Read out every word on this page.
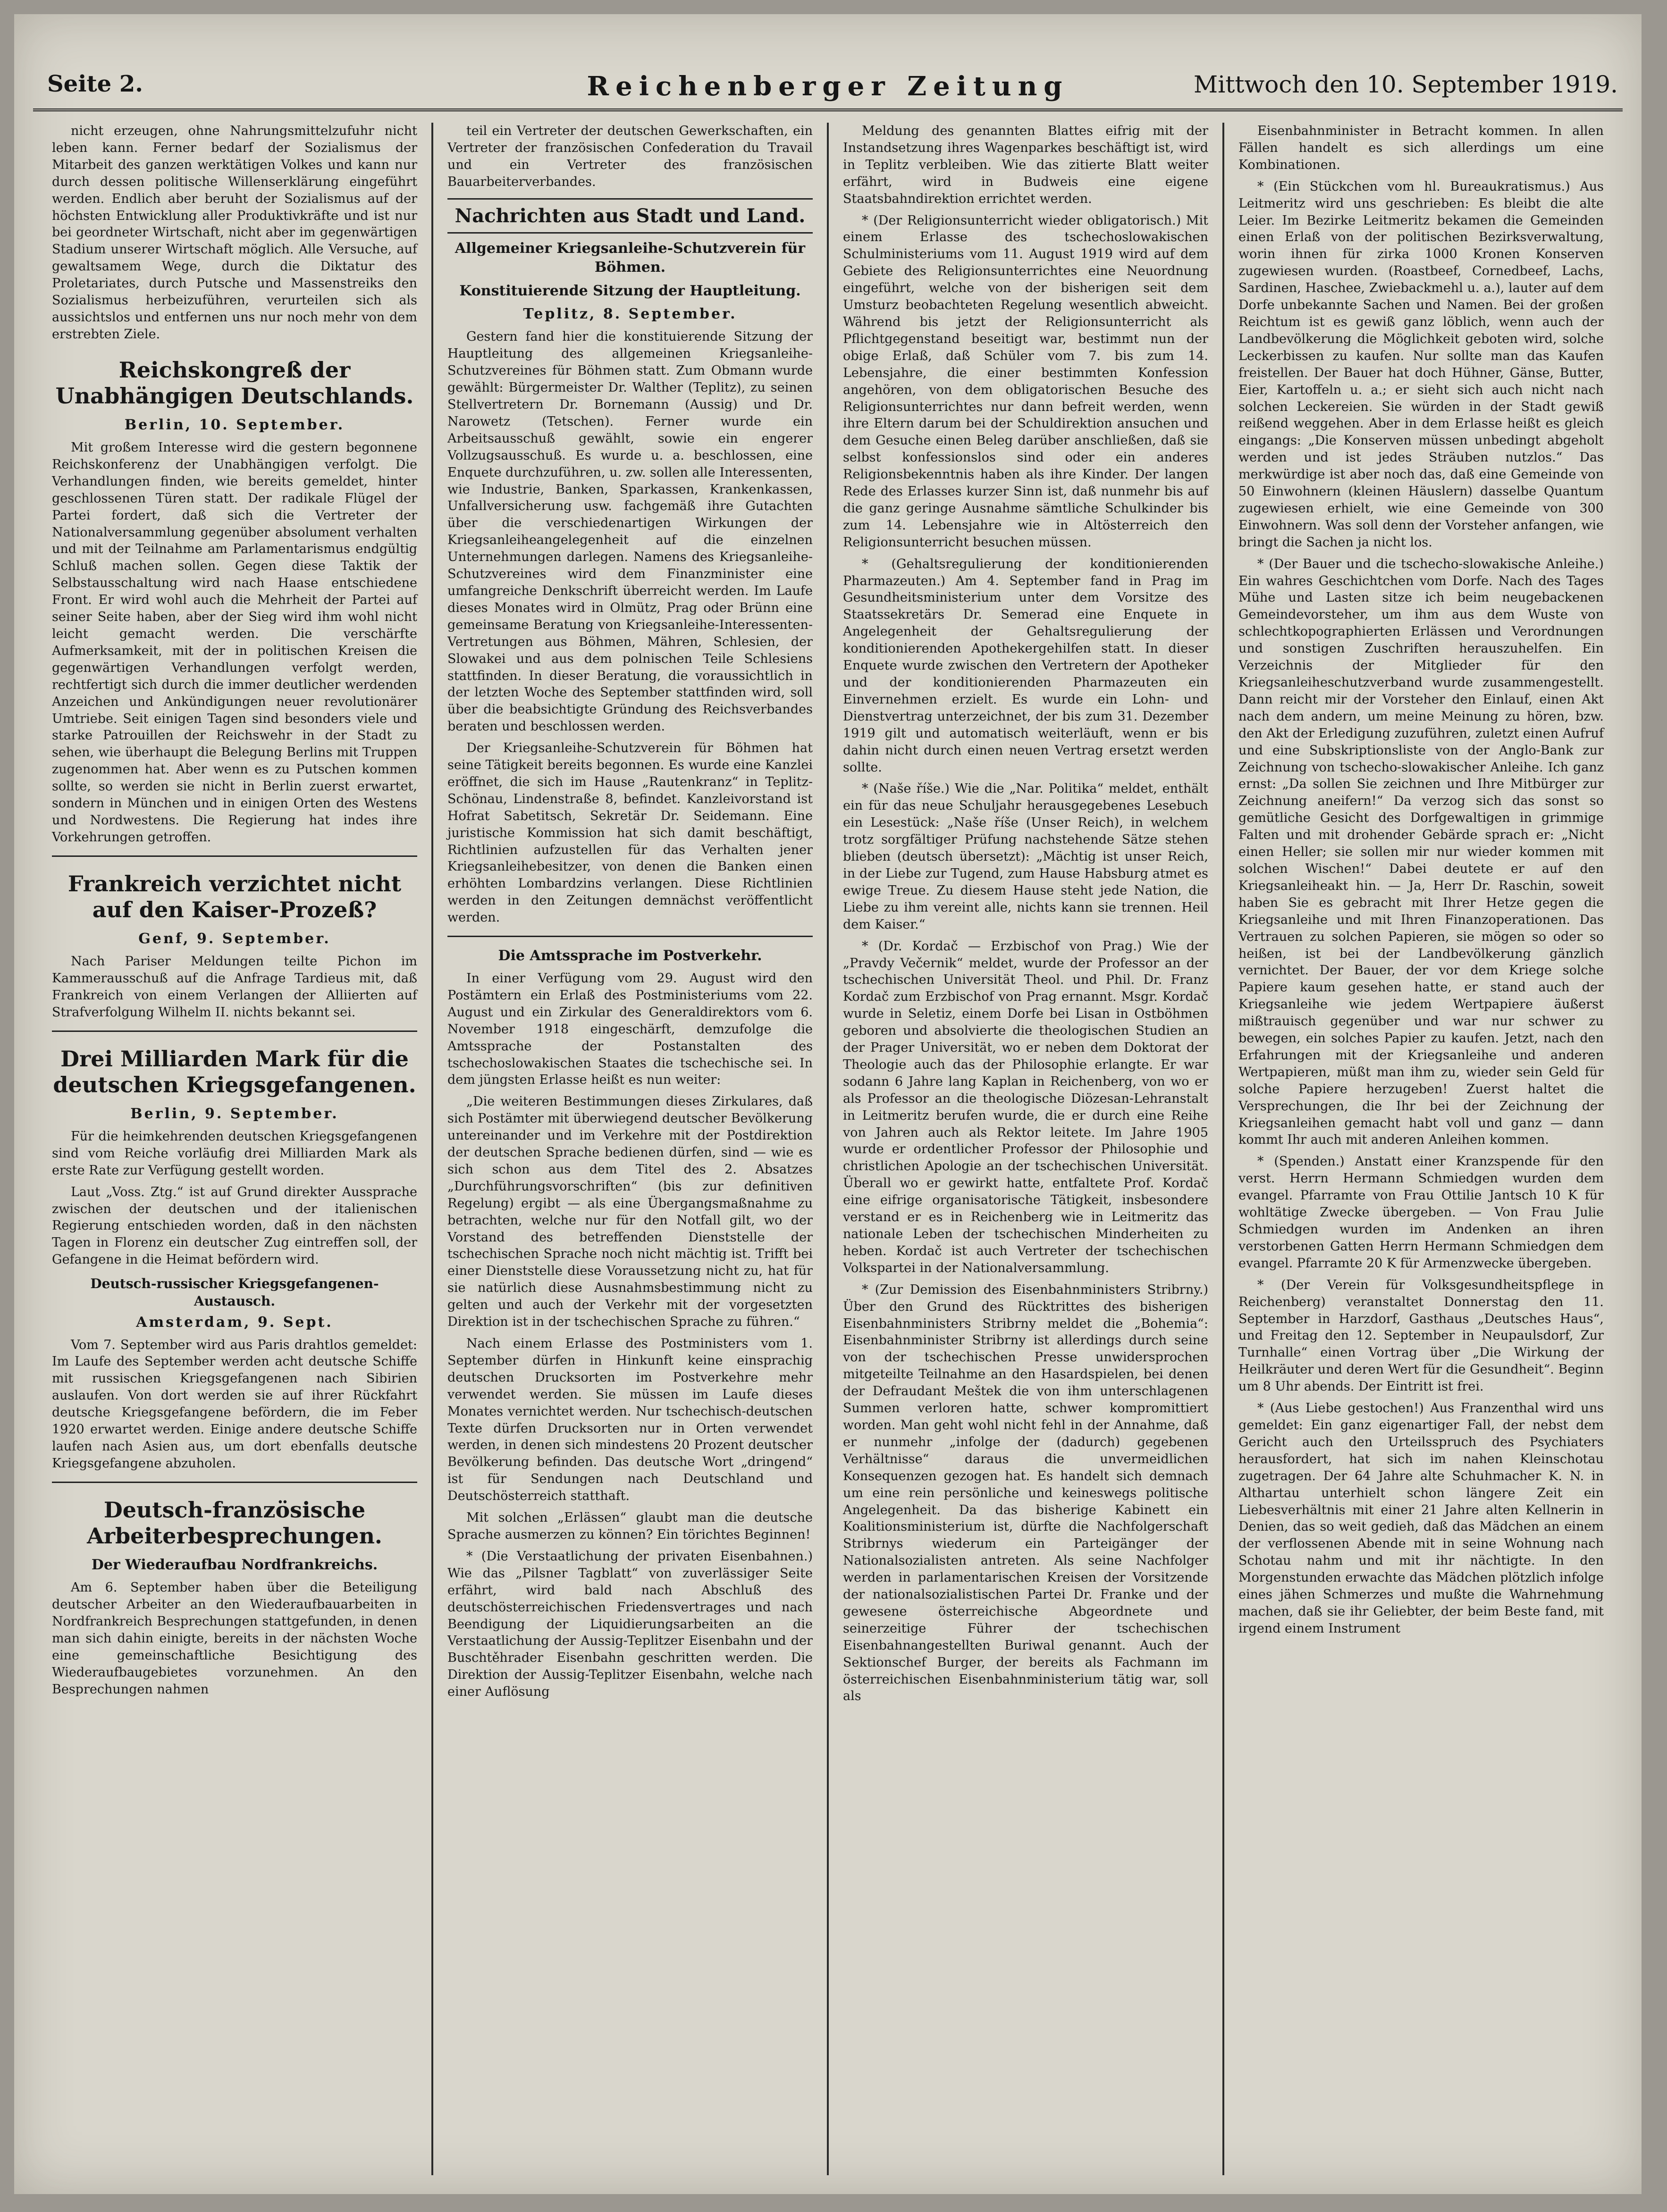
Seite 2.	Reichenberger Zeitung	Mittwoch den 10. September 1919.

nicht erzeugen, ohne Nahrungsmittelzufuhr nicht leben kann. Ferner bedarf der Sozialismus der Mitarbeit des ganzen werktätigen Volkes und kann nur durch dessen politische Willenserklärung eingeführt werden. Endlich aber beruht der Sozialismus auf der höchsten Entwicklung aller Produktivkräfte und ist nur bei geordneter Wirtschaft, nicht aber im gegenwärtigen Stadium unserer Wirtschaft möglich. Alle Versuche, auf gewaltsamem Wege, durch die Diktatur des Proletariates, durch Putsche und Massenstreiks den Sozialismus herbeizuführen, verurteilen sich als aussichtslos und entfernen uns nur noch mehr von dem erstrebten Ziele.

Reichskongreß der Unabhängigen Deutschlands.
Berlin, 10. September.

Mit großem Interesse wird die gestern begonnene Reichskonferenz der Unabhängigen verfolgt. Die Verhandlungen finden, wie bereits gemeldet, hinter geschlossenen Türen statt. Der radikale Flügel der Partei fordert, daß sich die Vertreter der Nationalversammlung gegenüber absolument verhalten und mit der Teilnahme am Parlamentarismus endgültig Schluß machen sollen. Gegen diese Taktik der Selbstausschaltung wird nach Haase entschiedene Front. Er wird wohl auch die Mehrheit der Partei auf seiner Seite haben, aber der Sieg wird ihm wohl nicht leicht gemacht werden. Die verschärfte Aufmerksamkeit, mit der in politischen Kreisen die gegenwärtigen Verhandlungen verfolgt werden, rechtfertigt sich durch die immer deutlicher werdenden Anzeichen und Ankündigungen neuer revolutionärer Umtriebe. Seit einigen Tagen sind besonders viele und starke Patrouillen der Reichswehr in der Stadt zu sehen, wie überhaupt die Belegung Berlins mit Truppen zugenommen hat. Aber wenn es zu Putschen kommen sollte, so werden sie nicht in Berlin zuerst erwartet, sondern in München und in einigen Orten des Westens und Nordwestens. Die Regierung hat indes ihre Vorkehrungen getroffen.

Frankreich verzichtet nicht auf den Kaiser-Prozeß?
Genf, 9. September.

Nach Pariser Meldungen teilte Pichon im Kammerausschuß auf die Anfrage Tardieus mit, daß Frankreich von einem Verlangen der Alliierten auf Strafverfolgung Wilhelm II. nichts bekannt sei.

Drei Milliarden Mark für die deutschen Kriegsgefangenen.
Berlin, 9. September.

Für die heimkehrenden deutschen Kriegsgefangenen sind vom Reiche vorläufig drei Milliarden Mark als erste Rate zur Verfügung gestellt worden.

Laut „Voss. Ztg.“ ist auf Grund direkter Aussprache zwischen der deutschen und der italienischen Regierung entschieden worden, daß in den nächsten Tagen in Florenz ein deutscher Zug eintreffen soll, der Gefangene in die Heimat befördern wird.

Deutsch-russischer Kriegsgefangenen-Austausch.
Amsterdam, 9. Sept.

Vom 7. September wird aus Paris drahtlos gemeldet: Im Laufe des September werden acht deutsche Schiffe mit russischen Kriegsgefangenen nach Sibirien auslaufen. Von dort werden sie auf ihrer Rückfahrt deutsche Kriegsgefangene befördern, die im Feber 1920 erwartet werden. Einige andere deutsche Schiffe laufen nach Asien aus, um dort ebenfalls deutsche Kriegsgefangene abzuholen.

Deutsch-französische Arbeiterbesprechungen.
Der Wiederaufbau Nordfrankreichs.

Am 6. September haben über die Beteiligung deutscher Arbeiter an den Wiederaufbauarbeiten in Nordfrankreich Besprechungen stattgefunden, in denen man sich dahin einigte, bereits in der nächsten Woche eine gemeinschaftliche Besichtigung des Wiederaufbaugebietes vorzunehmen. An den Besprechungen nahmen

teil ein Vertreter der deutschen Gewerkschaften, ein Vertreter der französischen Confederation du Travail und ein Vertreter des französischen Bauarbeiterverbandes.

Nachrichten aus Stadt und Land.
Allgemeiner Kriegsanleihe-Schutzverein für Böhmen.
Konstituierende Sitzung der Hauptleitung.
Teplitz, 8. September.

Gestern fand hier die konstituierende Sitzung der Hauptleitung des allgemeinen Kriegsanleihe-Schutzvereines für Böhmen statt. Zum Obmann wurde gewählt: Bürgermeister Dr. Walther (Teplitz), zu seinen Stellvertretern Dr. Bornemann (Aussig) und Dr. Narowetz (Tetschen). Ferner wurde ein Arbeitsausschuß gewählt, sowie ein engerer Vollzugsausschuß. Es wurde u. a. beschlossen, eine Enquete durchzuführen, u. zw. sollen alle Interessenten, wie Industrie, Banken, Sparkassen, Krankenkassen, Unfallversicherung usw. fachgemäß ihre Gutachten über die verschiedenartigen Wirkungen der Kriegsanleiheangelegenheit auf die einzelnen Unternehmungen darlegen. Namens des Kriegsanleihe-Schutzvereines wird dem Finanzminister eine umfangreiche Denkschrift überreicht werden. Im Laufe dieses Monates wird in Olmütz, Prag oder Brünn eine gemeinsame Beratung von Kriegsanleihe-Interessenten-Vertretungen aus Böhmen, Mähren, Schlesien, der Slowakei und aus dem polnischen Teile Schlesiens stattfinden. In dieser Beratung, die voraussichtlich in der letzten Woche des September stattfinden wird, soll über die beabsichtigte Gründung des Reichsverbandes beraten und beschlossen werden.

Der Kriegsanleihe-Schutzverein für Böhmen hat seine Tätigkeit bereits begonnen. Es wurde eine Kanzlei eröffnet, die sich im Hause „Rautenkranz“ in Teplitz-Schönau, Lindenstraße 8, befindet. Kanzleivorstand ist Hofrat Sabetitsch, Sekretär Dr. Seidemann. Eine juristische Kommission hat sich damit beschäftigt, Richtlinien aufzustellen für das Verhalten jener Kriegsanleihebesitzer, von denen die Banken einen erhöhten Lombardzins verlangen. Diese Richtlinien werden in den Zeitungen demnächst veröffentlicht werden.

Die Amtssprache im Postverkehr.

In einer Verfügung vom 29. August wird den Postämtern ein Erlaß des Postministeriums vom 22. August und ein Zirkular des Generaldirektors vom 6. November 1918 eingeschärft, demzufolge die Amtssprache der Postanstalten des tschechoslowakischen Staates die tschechische sei. In dem jüngsten Erlasse heißt es nun weiter:

„Die weiteren Bestimmungen dieses Zirkulares, daß sich Postämter mit überwiegend deutscher Bevölkerung untereinander und im Verkehre mit der Postdirektion der deutschen Sprache bedienen dürfen, sind — wie es sich schon aus dem Titel des 2. Absatzes „Durchführungsvorschriften“ (bis zur definitiven Regelung) ergibt — als eine Übergangsmaßnahme zu betrachten, welche nur für den Notfall gilt, wo der Vorstand des betreffenden Dienststelle der tschechischen Sprache noch nicht mächtig ist. Trifft bei einer Dienststelle diese Voraussetzung nicht zu, hat für sie natürlich diese Ausnahmsbestimmung nicht zu gelten und auch der Verkehr mit der vorgesetzten Direktion ist in der tschechischen Sprache zu führen.“

Nach einem Erlasse des Postministers vom 1. September dürfen in Hinkunft keine einsprachig deutschen Drucksorten im Postverkehre mehr verwendet werden. Sie müssen im Laufe dieses Monates vernichtet werden. Nur tschechisch-deutschen Texte dürfen Drucksorten nur in Orten verwendet werden, in denen sich mindestens 20 Prozent deutscher Bevölkerung befinden. Das deutsche Wort „dringend“ ist für Sendungen nach Deutschland und Deutschösterreich statthaft.

Mit solchen „Erlässen“ glaubt man die deutsche Sprache ausmerzen zu können? Ein törichtes Beginnen!

* (Die Verstaatlichung der privaten Eisenbahnen.) Wie das „Pilsner Tagblatt“ von zuverlässiger Seite erfährt, wird bald nach Abschluß des deutschösterreichischen Friedensvertrages und nach Beendigung der Liquidierungsarbeiten an die Verstaatlichung der Aussig-Teplitzer Eisenbahn und der Buschtěhrader Eisenbahn geschritten werden. Die Direktion der Aussig-Teplitzer Eisenbahn, welche nach einer Auflösung

Meldung des genannten Blattes eifrig mit der Instandsetzung ihres Wagenparkes beschäftigt ist, wird in Teplitz verbleiben. Wie das zitierte Blatt weiter erfährt, wird in Budweis eine eigene Staatsbahndirektion errichtet werden.

* (Der Religionsunterricht wieder obligatorisch.) Mit einem Erlasse des tschechoslowakischen Schulministeriums vom 11. August 1919 wird auf dem Gebiete des Religionsunterrichtes eine Neuordnung eingeführt, welche von der bisherigen seit dem Umsturz beobachteten Regelung wesentlich abweicht. Während bis jetzt der Religionsunterricht als Pflichtgegenstand beseitigt war, bestimmt nun der obige Erlaß, daß Schüler vom 7. bis zum 14. Lebensjahre, die einer bestimmten Konfession angehören, von dem obligatorischen Besuche des Religionsunterrichtes nur dann befreit werden, wenn ihre Eltern darum bei der Schuldirektion ansuchen und dem Gesuche einen Beleg darüber anschließen, daß sie selbst konfessionslos sind oder ein anderes Religionsbekenntnis haben als ihre Kinder. Der langen Rede des Erlasses kurzer Sinn ist, daß nunmehr bis auf die ganz geringe Ausnahme sämtliche Schulkinder bis zum 14. Lebensjahre wie in Altösterreich den Religionsunterricht besuchen müssen.

* (Gehaltsregulierung der konditionierenden Pharmazeuten.) Am 4. September fand in Prag im Gesundheitsministerium unter dem Vorsitze des Staatssekretärs Dr. Semerad eine Enquete in Angelegenheit der Gehaltsregulierung der konditionierenden Apothekergehilfen statt. In dieser Enquete wurde zwischen den Vertretern der Apotheker und der konditionierenden Pharmazeuten ein Einvernehmen erzielt. Es wurde ein Lohn- und Dienstvertrag unterzeichnet, der bis zum 31. Dezember 1919 gilt und automatisch weiterläuft, wenn er bis dahin nicht durch einen neuen Vertrag ersetzt werden sollte.

* (Naše říše.) Wie die „Nar. Politika“ meldet, enthält ein für das neue Schuljahr herausgegebenes Lesebuch ein Lesestück: „Naše říše (Unser Reich), in welchem trotz sorgfältiger Prüfung nachstehende Sätze stehen blieben (deutsch übersetzt): „Mächtig ist unser Reich, in der Liebe zur Tugend, zum Hause Habsburg atmet es ewige Treue. Zu diesem Hause steht jede Nation, die Liebe zu ihm vereint alle, nichts kann sie trennen. Heil dem Kaiser.“

* (Dr. Kordač — Erzbischof von Prag.) Wie der „Pravdy Večernik“ meldet, wurde der Professor an der tschechischen Universität Theol. und Phil. Dr. Franz Kordač zum Erzbischof von Prag ernannt. Msgr. Kordač wurde in Seletiz, einem Dorfe bei Lisan in Ostböhmen geboren und absolvierte die theologischen Studien an der Prager Universität, wo er neben dem Doktorat der Theologie auch das der Philosophie erlangte. Er war sodann 6 Jahre lang Kaplan in Reichenberg, von wo er als Professor an die theologische Diözesan-Lehranstalt in Leitmeritz berufen wurde, die er durch eine Reihe von Jahren auch als Rektor leitete. Im Jahre 1905 wurde er ordentlicher Professor der Philosophie und christlichen Apologie an der tschechischen Universität. Überall wo er gewirkt hatte, entfaltete Prof. Kordač eine eifrige organisatorische Tätigkeit, insbesondere verstand er es in Reichenberg wie in Leitmeritz das nationale Leben der tschechischen Minderheiten zu heben. Kordač ist auch Vertreter der tschechischen Volkspartei in der Nationalversammlung.

* (Zur Demission des Eisenbahnministers Stribrny.) Über den Grund des Rücktrittes des bisherigen Eisenbahnministers Stribrny meldet die „Bohemia“: Eisenbahnminister Stribrny ist allerdings durch seine von der tschechischen Presse unwidersprochen mitgeteilte Teilnahme an den Hasardspielen, bei denen der Defraudant Meštek die von ihm unterschlagenen Summen verloren hatte, schwer kompromittiert worden. Man geht wohl nicht fehl in der Annahme, daß er nunmehr „infolge der (dadurch) gegebenen Verhältnisse“ daraus die unvermeidlichen Konsequenzen gezogen hat. Es handelt sich demnach um eine rein persönliche und keineswegs politische Angelegenheit. Da das bisherige Kabinett ein Koalitionsministerium ist, dürfte die Nachfolgerschaft Stribrnys wiederum ein Parteigänger der Nationalsozialisten antreten. Als seine Nachfolger werden in parlamentarischen Kreisen der Vorsitzende der nationalsozialistischen Partei Dr. Franke und der gewesene österreichische Abgeordnete und seinerzeitige Führer der tschechischen Eisenbahnangestellten Buriwal genannt. Auch der Sektionschef Burger, der bereits als Fachmann im österreichischen Eisenbahnministerium tätig war, soll als

Eisenbahnminister in Betracht kommen. In allen Fällen handelt es sich allerdings um eine Kombinationen.

* (Ein Stückchen vom hl. Bureaukratismus.) Aus Leitmeritz wird uns geschrieben: Es bleibt die alte Leier. Im Bezirke Leitmeritz bekamen die Gemeinden einen Erlaß von der politischen Bezirksverwaltung, worin ihnen für zirka 1000 Kronen Konserven zugewiesen wurden. (Roastbeef, Cornedbeef, Lachs, Sardinen, Haschee, Zwiebackmehl u. a.), lauter auf dem Dorfe unbekannte Sachen und Namen. Bei der großen Reichtum ist es gewiß ganz löblich, wenn auch der Landbevölkerung die Möglichkeit geboten wird, solche Leckerbissen zu kaufen. Nur sollte man das Kaufen freistellen. Der Bauer hat doch Hühner, Gänse, Butter, Eier, Kartoffeln u. a.; er sieht sich auch nicht nach solchen Leckereien. Sie würden in der Stadt gewiß reißend weggehen. Aber in dem Erlasse heißt es gleich eingangs: „Die Konserven müssen unbedingt abgeholt werden und ist jedes Sträuben nutzlos.“ Das merkwürdige ist aber noch das, daß eine Gemeinde von 50 Einwohnern (kleinen Häuslern) dasselbe Quantum zugewiesen erhielt, wie eine Gemeinde von 300 Einwohnern. Was soll denn der Vorsteher anfangen, wie bringt die Sachen ja nicht los.

* (Der Bauer und die tschecho-slowakische Anleihe.) Ein wahres Geschichtchen vom Dorfe. Nach des Tages Mühe und Lasten sitze ich beim neugebackenen Gemeindevorsteher, um ihm aus dem Wuste von schlechtkopographierten Erlässen und Verordnungen und sonstigen Zuschriften herauszuhelfen. Ein Verzeichnis der Mitglieder für den Kriegsanleiheschutzverband wurde zusammengestellt. Dann reicht mir der Vorsteher den Einlauf, einen Akt nach dem andern, um meine Meinung zu hören, bzw. den Akt der Erledigung zuzuführen, zuletzt einen Aufruf und eine Subskriptionsliste von der Anglo-Bank zur Zeichnung von tschecho-slowakischer Anleihe. Ich ganz ernst: „Da sollen Sie zeichnen und Ihre Mitbürger zur Zeichnung aneifern!“ Da verzog sich das sonst so gemütliche Gesicht des Dorfgewaltigen in grimmige Falten und mit drohender Gebärde sprach er: „Nicht einen Heller; sie sollen mir nur wieder kommen mit solchen Wischen!“ Dabei deutete er auf den Kriegsanleiheakt hin. — Ja, Herr Dr. Raschin, soweit haben Sie es gebracht mit Ihrer Hetze gegen die Kriegsanleihe und mit Ihren Finanzoperationen. Das Vertrauen zu solchen Papieren, sie mögen so oder so heißen, ist bei der Landbevölkerung gänzlich vernichtet. Der Bauer, der vor dem Kriege solche Papiere kaum gesehen hatte, er stand auch der Kriegsanleihe wie jedem Wertpapiere äußerst mißtrauisch gegenüber und war nur schwer zu bewegen, ein solches Papier zu kaufen. Jetzt, nach den Erfahrungen mit der Kriegsanleihe und anderen Wertpapieren, müßt man ihm zu, wieder sein Geld für solche Papiere herzugeben! Zuerst haltet die Versprechungen, die Ihr bei der Zeichnung der Kriegsanleihen gemacht habt voll und ganz — dann kommt Ihr auch mit anderen Anleihen kommen.

* (Spenden.) Anstatt einer Kranzspende für den verst. Herrn Hermann Schmiedgen wurden dem evangel. Pfarramte von Frau Ottilie Jantsch 10 K für wohltätige Zwecke übergeben. — Von Frau Julie Schmiedgen wurden im Andenken an ihren verstorbenen Gatten Herrn Hermann Schmiedgen dem evangel. Pfarramte 20 K für Armenzwecke übergeben.

* (Der Verein für Volksgesundheitspflege in Reichenberg) veranstaltet Donnerstag den 11. September in Harzdorf, Gasthaus „Deutsches Haus“, und Freitag den 12. September in Neupaulsdorf, Zur Turnhalle“ einen Vortrag über „Die Wirkung der Heilkräuter und deren Wert für die Gesundheit“. Beginn um 8 Uhr abends. Der Eintritt ist frei.

* (Aus Liebe gestochen!) Aus Franzenthal wird uns gemeldet: Ein ganz eigenartiger Fall, der nebst dem Gericht auch den Urteilsspruch des Psychiaters herausfordert, hat sich im nahen Kleinschotau zugetragen. Der 64 Jahre alte Schuhmacher K. N. in Althartau unterhielt schon längere Zeit ein Liebesverhältnis mit einer 21 Jahre alten Kellnerin in Denien, das so weit gedieh, daß das Mädchen an einem der verflossenen Abende mit in seine Wohnung nach Schotau nahm und mit ihr nächtigte. In den Morgenstunden erwachte das Mädchen plötzlich infolge eines jähen Schmerzes und mußte die Wahrnehmung machen, daß sie ihr Geliebter, der beim Beste fand, mit irgend einem Instrument
